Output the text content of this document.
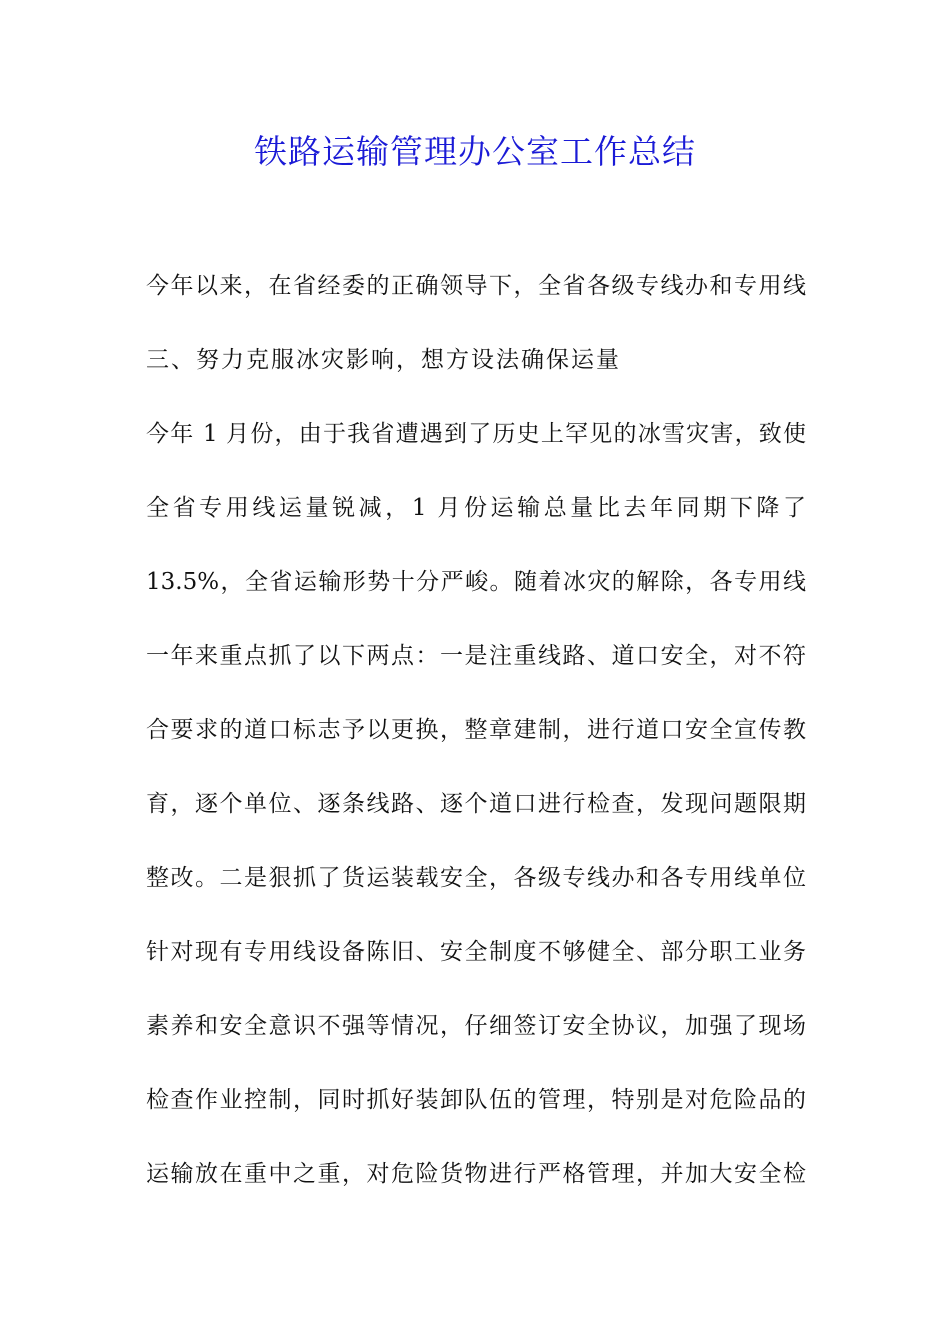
铁路运输管理办公室工作总结
今年以来，在省经委的正确领导下，全省各级专线办和专用线
三、努力克服冰灾影响，想方设法确保运量
今年 1 月份，由于我省遭遇到了历史上罕见的冰雪灾害，致使
全省专用线运量锐减，1 月份运输总量比去年同期下降了
13.5%，全省运输形势十分严峻。随着冰灾的解除，各专用线
一年来重点抓了以下两点：一是注重线路、道口安全，对不符
合要求的道口标志予以更换，整章建制，进行道口安全宣传教
育，逐个单位、逐条线路、逐个道口进行检查，发现问题限期
整改。二是狠抓了货运装载安全，各级专线办和各专用线单位
针对现有专用线设备陈旧、安全制度不够健全、部分职工业务
素养和安全意识不强等情况，仔细签订安全协议，加强了现场
检查作业控制，同时抓好装卸队伍的管理，特别是对危险品的
运输放在重中之重，对危险货物进行严格管理，并加大安全检
